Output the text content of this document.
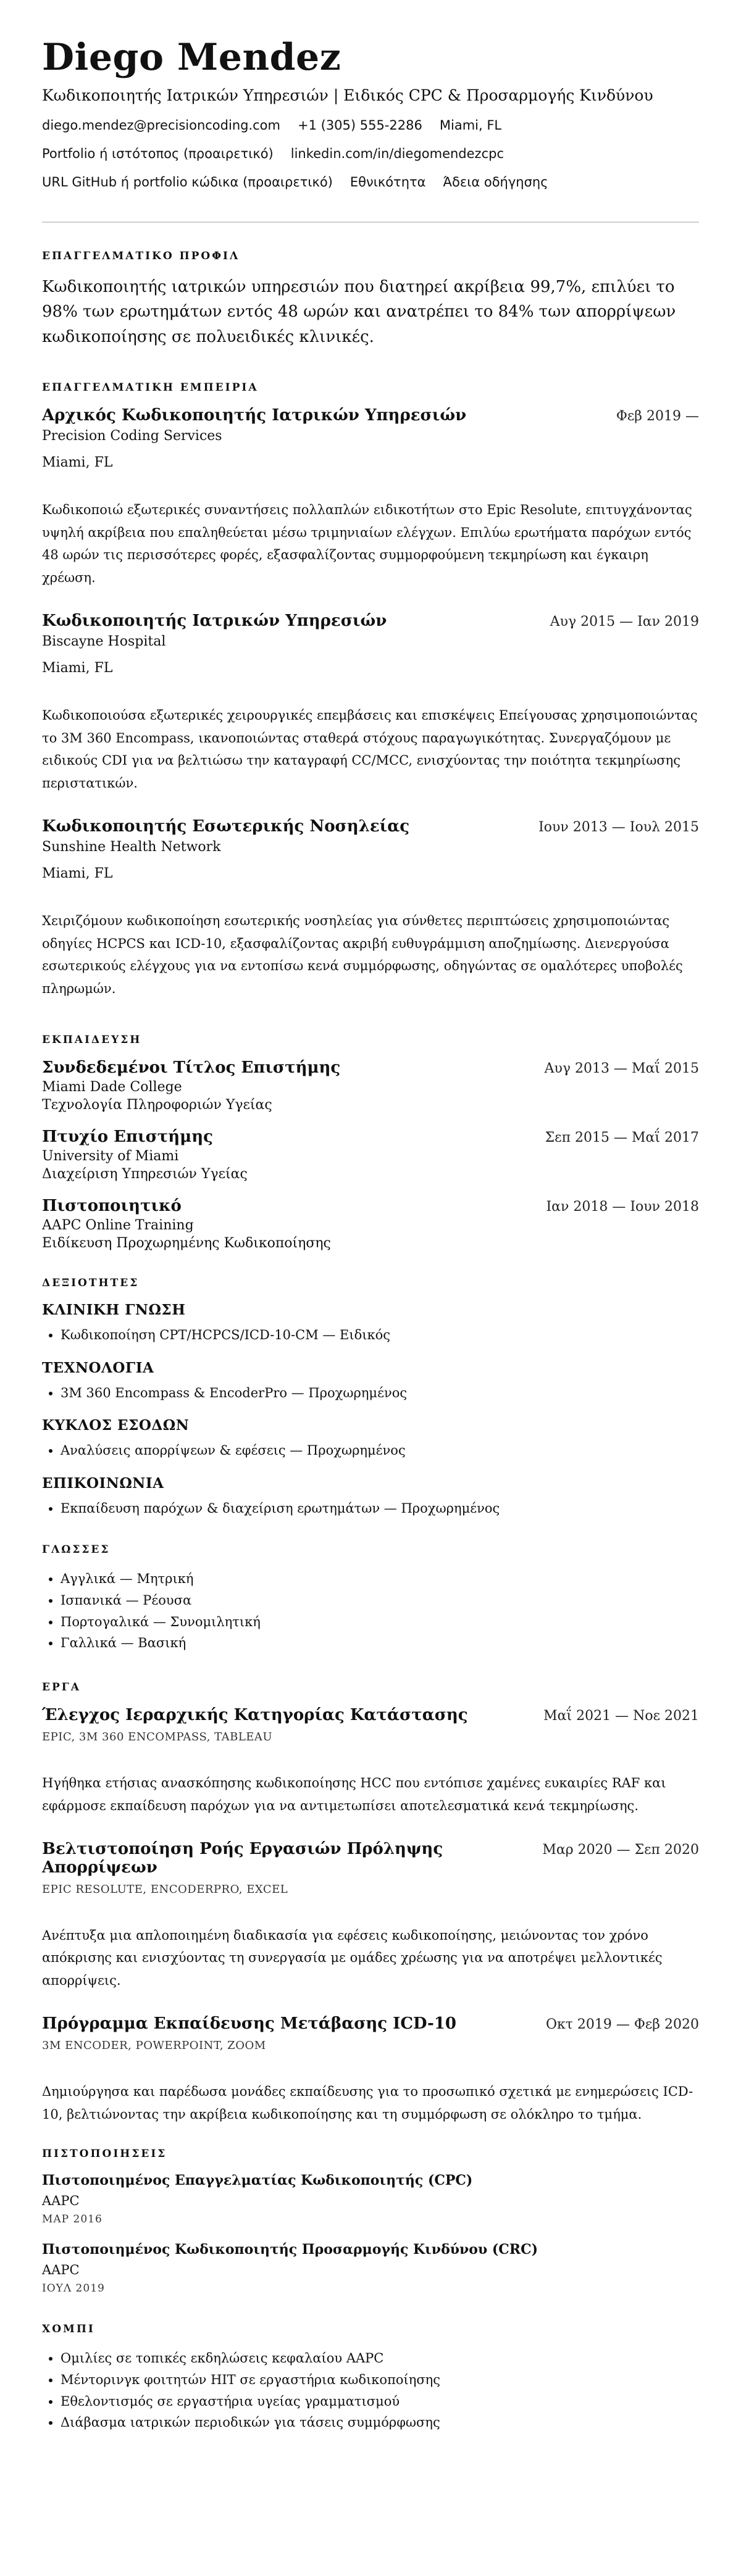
Diego Mendez
Κωδικοποιητής Ιατρικών Υπηρεσιών | Ειδικός CPC & Προσαρμογής Κινδύνου
diego.mendez@precisioncoding.com +1 (305) 555-2286 Miami, FL
Portfolio ή ιστότοπος (προαιρετικό) linkedin.com/in/diegomendezcpc
URL GitHub ή portfolio κώδικα (προαιρετικό) Εθνικότητα Άδεια οδήγησης
ΕΠΑΓΓΕΛΜΑΤΙΚΟ ΠΡΟΦΙΛ

Κωδικοποιητής ιατρικών υπηρεσιών που διατηρεί ακρίβεια 99,7%, επιλύει το 98% των ερωτημάτων εντός 48 ωρών και ανατρέπει το 84% των απορρίψεων κωδικοποίησης σε πολυειδικές κλινικές.

ΕΠΑΓΓΕΛΜΑΤΙΚΗ ΕΜΠΕΙΡΙΑ
Αρχικός Κωδικοποιητής Ιατρικών Υπηρεσιών	Φεβ 2019 —
Precision Coding Services
Miami, FL
Κωδικοποιώ εξωτερικές συναντήσεις πολλαπλών ειδικοτήτων στο Epic Resolute, επιτυγχάνοντας υψηλή ακρίβεια που επαληθεύεται μέσω τριμηνιαίων ελέγχων. Επιλύω ερωτήματα παρόχων εντός 48 ωρών τις περισσότερες φορές, εξασφαλίζοντας συμμορφούμενη τεκμηρίωση και έγκαιρη χρέωση.
Κωδικοποιητής Ιατρικών Υπηρεσιών	Αυγ 2015 — Ιαν 2019
Biscayne Hospital
Miami, FL
Κωδικοποιούσα εξωτερικές χειρουργικές επεμβάσεις και επισκέψεις Επείγουσας χρησιμοποιώντας το 3M 360 Encompass, ικανοποιώντας σταθερά στόχους παραγωγικότητας. Συνεργαζόμουν με ειδικούς CDI για να βελτιώσω την καταγραφή CC/MCC, ενισχύοντας την ποιότητα τεκμηρίωσης περιστατικών.
Κωδικοποιητής Εσωτερικής Νοσηλείας	Ιουν 2013 — Ιουλ 2015
Sunshine Health Network
Miami, FL
Χειριζόμουν κωδικοποίηση εσωτερικής νοσηλείας για σύνθετες περιπτώσεις χρησιμοποιώντας οδηγίες HCPCS και ICD-10, εξασφαλίζοντας ακριβή ευθυγράμμιση αποζημίωσης. Διενεργούσα εσωτερικούς ελέγχους για να εντοπίσω κενά συμμόρφωσης, οδηγώντας σε ομαλότερες υποβολές πληρωμών.
ΕΚΠΑΙΔΕΥΣΗ
Συνδεδεμένοι Τίτλος Επιστήμης	Αυγ 2013 — Μαΐ 2015
Miami Dade College
Τεχνολογία Πληροφοριών Υγείας
Πτυχίο Επιστήμης	Σεπ 2015 — Μαΐ 2017
University of Miami
Διαχείριση Υπηρεσιών Υγείας
Πιστοποιητικό	Ιαν 2018 — Ιουν 2018
AAPC Online Training
Ειδίκευση Προχωρημένης Κωδικοποίησης
ΔΕΞΙΟΤΗΤΕΣ
ΚΛΙΝΙΚΗ ΓΝΩΣΗ
• Κωδικοποίηση CPT/HCPCS/ICD-10-CM — Ειδικός
ΤΕΧΝΟΛΟΓΙΑ
• 3M 360 Encompass & EncoderPro — Προχωρημένος
ΚΥΚΛΟΣ ΕΣΟΔΩΝ
• Αναλύσεις απορρίψεων & εφέσεις — Προχωρημένος
ΕΠΙΚΟΙΝΩΝΙΑ
• Εκπαίδευση παρόχων & διαχείριση ερωτημάτων — Προχωρημένος
ΓΛΩΣΣΕΣ
• Αγγλικά — Μητρική
• Ισπανικά — Ρέουσα
• Πορτογαλικά — Συνομιλητική
• Γαλλικά — Βασική
ΕΡΓΑ
Έλεγχος Ιεραρχικής Κατηγορίας Κατάστασης	Μαΐ 2021 — Νοε 2021
EPIC, 3M 360 ENCOMPASS, TABLEAU
Ηγήθηκα ετήσιας ανασκόπησης κωδικοποίησης HCC που εντόπισε χαμένες ευκαιρίες RAF και εφάρμοσε εκπαίδευση παρόχων για να αντιμετωπίσει αποτελεσματικά κενά τεκμηρίωσης.
Βελτιστοποίηση Ροής Εργασιών Πρόληψης Απορρίψεων
Μαρ 2020 — Σεπ 2020
EPIC RESOLUTE, ENCODERPRO, EXCEL
Ανέπτυξα μια απλοποιημένη διαδικασία για εφέσεις κωδικοποίησης, μειώνοντας τον χρόνο απόκρισης και ενισχύοντας τη συνεργασία με ομάδες χρέωσης για να αποτρέψει μελλοντικές απορρίψεις.
Πρόγραμμα Εκπαίδευσης Μετάβασης ICD-10	Οκτ 2019 — Φεβ 2020
3M ENCODER, POWERPOINT, ZOOM
Δημιούργησα και παρέδωσα μονάδες εκπαίδευσης για το προσωπικό σχετικά με ενημερώσεις ICD-10, βελτιώνοντας την ακρίβεια κωδικοποίησης και τη συμμόρφωση σε ολόκληρο το τμήμα.
ΠΙΣΤΟΠΟΙΗΣΕΙΣ
Πιστοποιημένος Επαγγελματίας Κωδικοποιητής (CPC)
AAPC
ΜΑΡ 2016
Πιστοποιημένος Κωδικοποιητής Προσαρμογής Κινδύνου (CRC)
AAPC
ΙΟΥΛ 2019
ΧΟΜΠΙ
• Ομιλίες σε τοπικές εκδηλώσεις κεφαλαίου AAPC
• Μέντορινγκ φοιτητών HIT σε εργαστήρια κωδικοποίησης
• Εθελοντισμός σε εργαστήρια υγείας γραμματισμού
• Διάβασμα ιατρικών περιοδικών για τάσεις συμμόρφωσης
